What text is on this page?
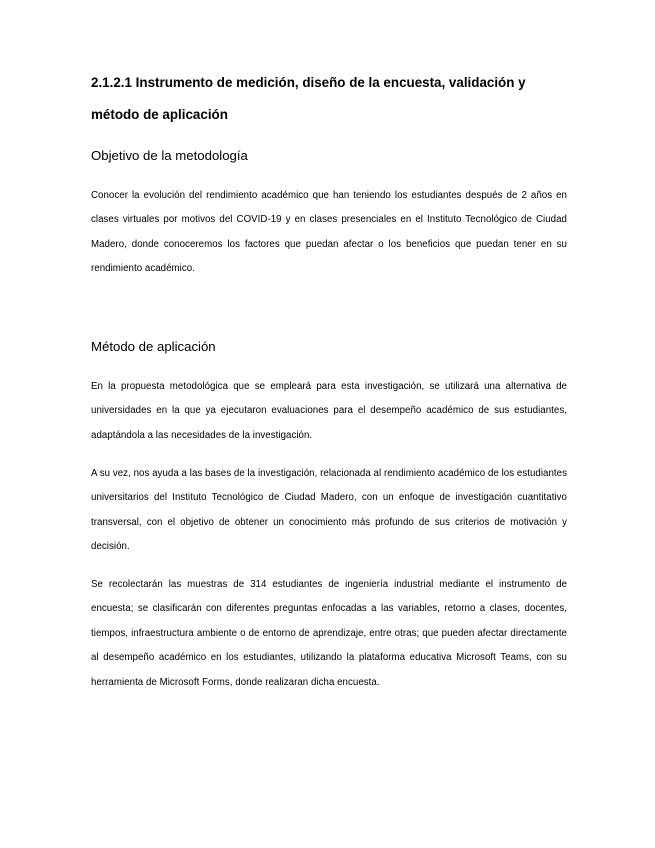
2.1.2.1 Instrumento de medición, diseño de la encuesta, validación y método de aplicación
Objetivo de la metodología

Conocer la evolución del rendimiento académico que han teniendo los estudiantes después de 2 años en clases virtuales por motivos del COVID-19 y en clases presenciales en el Instituto Tecnológico de Ciudad Madero, donde conoceremos los factores que puedan afectar o los beneficios que puedan tener en su rendimiento académico.

Método de aplicación

En la propuesta metodológica que se empleará para esta investigación, se utilizará una alternativa de universidades en la que ya ejecutaron evaluaciones para el desempeño académico de sus estudiantes, adaptándola a las necesidades de la investigación.

A su vez, nos ayuda a las bases de la investigación, relacionada al rendimiento académico de los estudiantes universitarios del Instituto Tecnológico de Ciudad Madero, con un enfoque de investigación cuantitativo transversal, con el objetivo de obtener un conocimiento más profundo de sus criterios de motivación y decisión.

Se recolectarán las muestras de 314 estudiantes de ingeniería industrial mediante el instrumento de encuesta; se clasificarán con diferentes preguntas enfocadas a las variables, retorno a clases, docentes, tiempos, infraestructura ambiente o de entorno de aprendizaje, entre otras; que pueden afectar directamente al desempeño académico en los estudiantes, utilizando la plataforma educativa Microsoft Teams, con su herramienta de Microsoft Forms, donde realizaran dicha encuesta.
